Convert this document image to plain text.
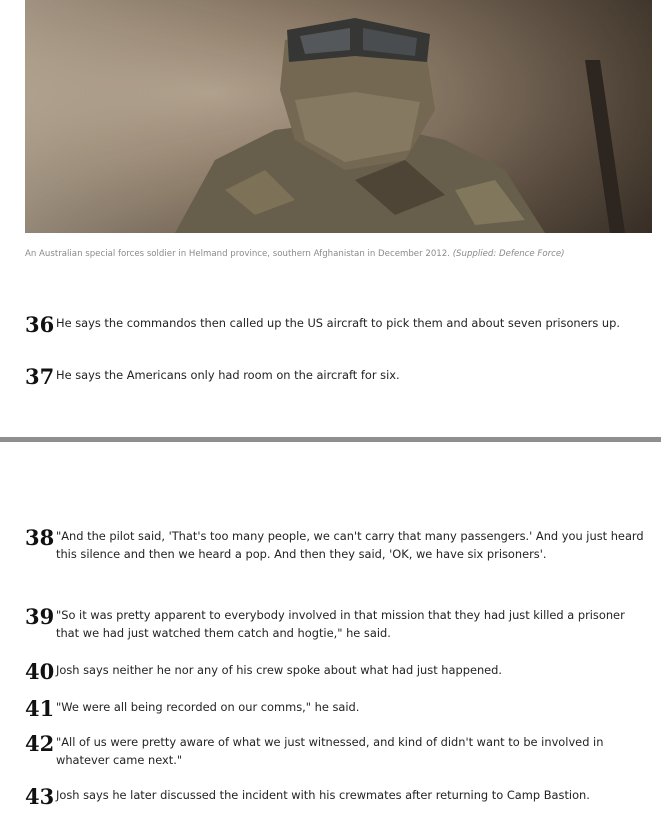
An Australian special forces soldier in Helmand province, southern Afghanistan in December 2012. (Supplied: Defence Force)
36 He says the commandos then called up the US aircraft to pick them and about seven prisoners up.
37 He says the Americans only had room on the aircraft for six.
38 "And the pilot said, 'That's too many people, we can't carry that many passengers.' And you just heard this silence and then we heard a pop. And then they said, 'OK, we have six prisoners'.
39 "So it was pretty apparent to everybody involved in that mission that they had just killed a prisoner that we had just watched them catch and hogtie," he said.
40 Josh says neither he nor any of his crew spoke about what had just happened.
41 "We were all being recorded on our comms," he said.
42 "All of us were pretty aware of what we just witnessed, and kind of didn't want to be involved in whatever came next."
43 Josh says he later discussed the incident with his crewmates after returning to Camp Bastion.
